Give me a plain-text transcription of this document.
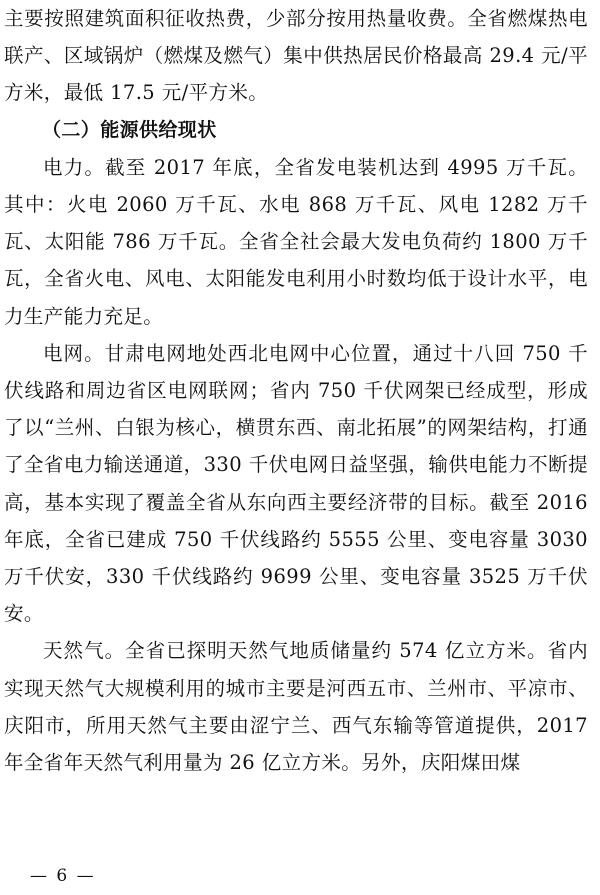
主要按照建筑面积征收热费，少部分按用热量收费。全省燃煤热电联产、区域锅炉（燃煤及燃气）集中供热居民价格最高 29.4 元/平方米，最低 17.5 元/平方米。

（二）能源供给现状

电力。截至 2017 年底，全省发电装机达到 4995 万千瓦。其中：火电 2060 万千瓦、水电 868 万千瓦、风电 1282 万千瓦、太阳能 786 万千瓦。全省全社会最大发电负荷约 1800 万千瓦，全省火电、风电、太阳能发电利用小时数均低于设计水平，电力生产能力充足。

电网。甘肃电网地处西北电网中心位置，通过十八回 750 千伏线路和周边省区电网联网；省内 750 千伏网架已经成型，形成了以“兰州、白银为核心，横贯东西、南北拓展”的网架结构，打通了全省电力输送通道，330 千伏电网日益坚强，输供电能力不断提高，基本实现了覆盖全省从东向西主要经济带的目标。截至 2016 年底，全省已建成 750 千伏线路约 5555 公里、变电容量 3030 万千伏安，330 千伏线路约 9699 公里、变电容量 3525 万千伏安。

天然气。全省已探明天然气地质储量约 574 亿立方米。省内实现天然气大规模利用的城市主要是河西五市、兰州市、平凉市、庆阳市，所用天然气主要由涩宁兰、西气东输等管道提供，2017 年全省年天然气利用量为 26 亿立方米。另外，庆阳煤田煤

— 6 —
